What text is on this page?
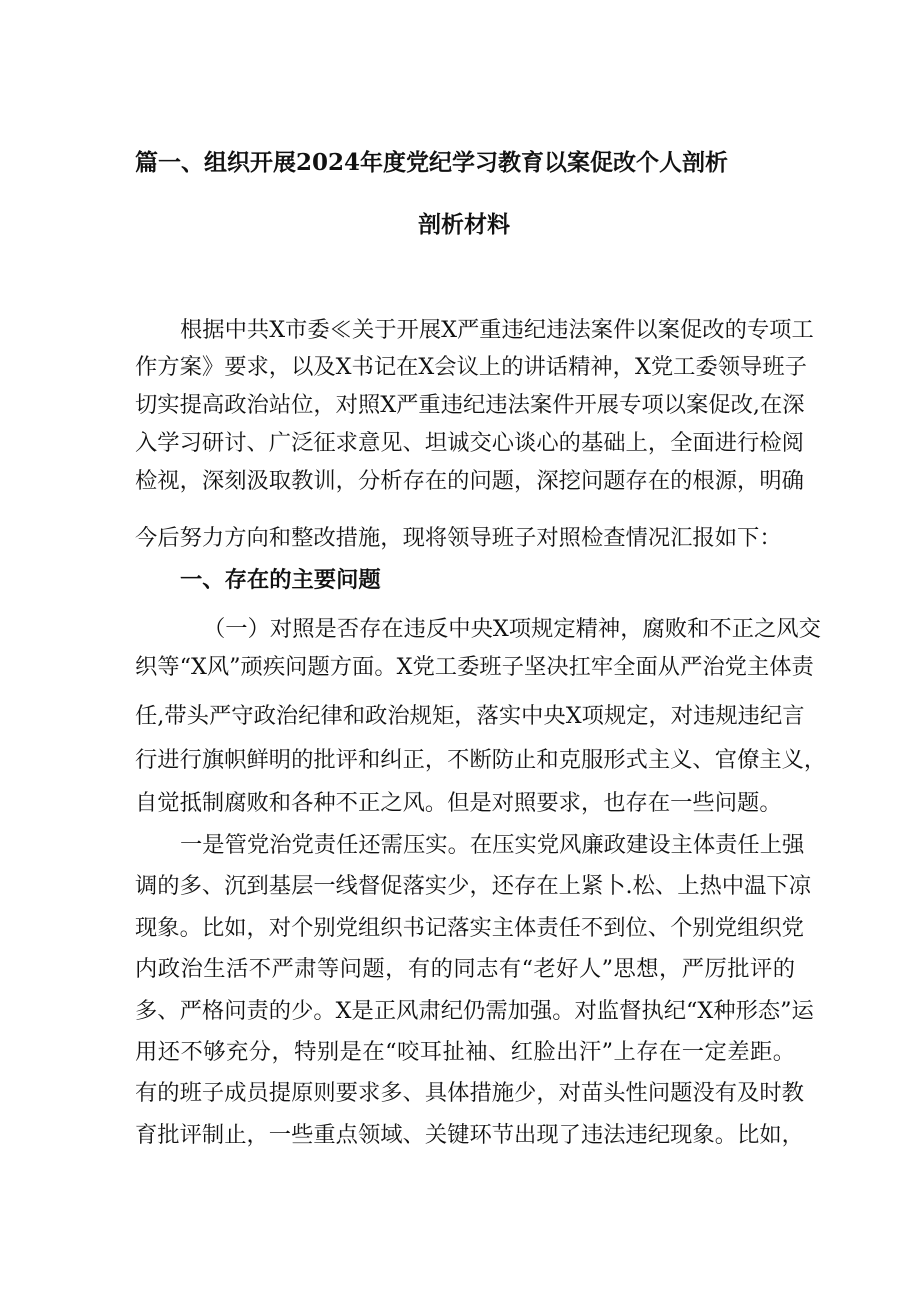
篇一、组织开展2024年度党纪学习教育以案促改个人剖析
剖析材料
根据中共X市委≪关于开展X严重违纪违法案件以案促改的专项工
作方案》要求，以及X书记在X会议上的讲话精神，X党工委领导班子
切实提高政治站位，对照X严重违纪违法案件开展专项以案促改,在深
入学习研讨、广泛征求意见、坦诚交心谈心的基础上，全面进行检阅
检视，深刻汲取教训，分析存在的问题，深挖问题存在的根源，明确
今后努力方向和整改措施，现将领导班子对照检查情况汇报如下：
一、存在的主要问题
（一）对照是否存在违反中央X项规定精神，腐败和不正之风交
织等“X风”顽疾问题方面。X党工委班子坚决扛牢全面从严治党主体责
任,带头严守政治纪律和政治规矩，落实中央X项规定，对违规违纪言
行进行旗帜鲜明的批评和纠正，不断防止和克服形式主义、官僚主义，
自觉抵制腐败和各种不正之风。但是对照要求，也存在一些问题。
一是管党治党责任还需压实。在压实党风廉政建设主体责任上强
调的多、沉到基层一线督促落实少，还存在上紧卜.松、上热中温下凉
现象。比如，对个别党组织书记落实主体责任不到位、个别党组织党
内政治生活不严肃等问题，有的同志有“老好人”思想，严厉批评的
多、严格问责的少。X是正风肃纪仍需加强。对监督执纪“X种形态”运
用还不够充分，特别是在“咬耳扯袖、红脸出汗”上存在一定差距。
有的班子成员提原则要求多、具体措施少，对苗头性问题没有及时教
育批评制止，一些重点领域、关键环节出现了违法违纪现象。比如，
